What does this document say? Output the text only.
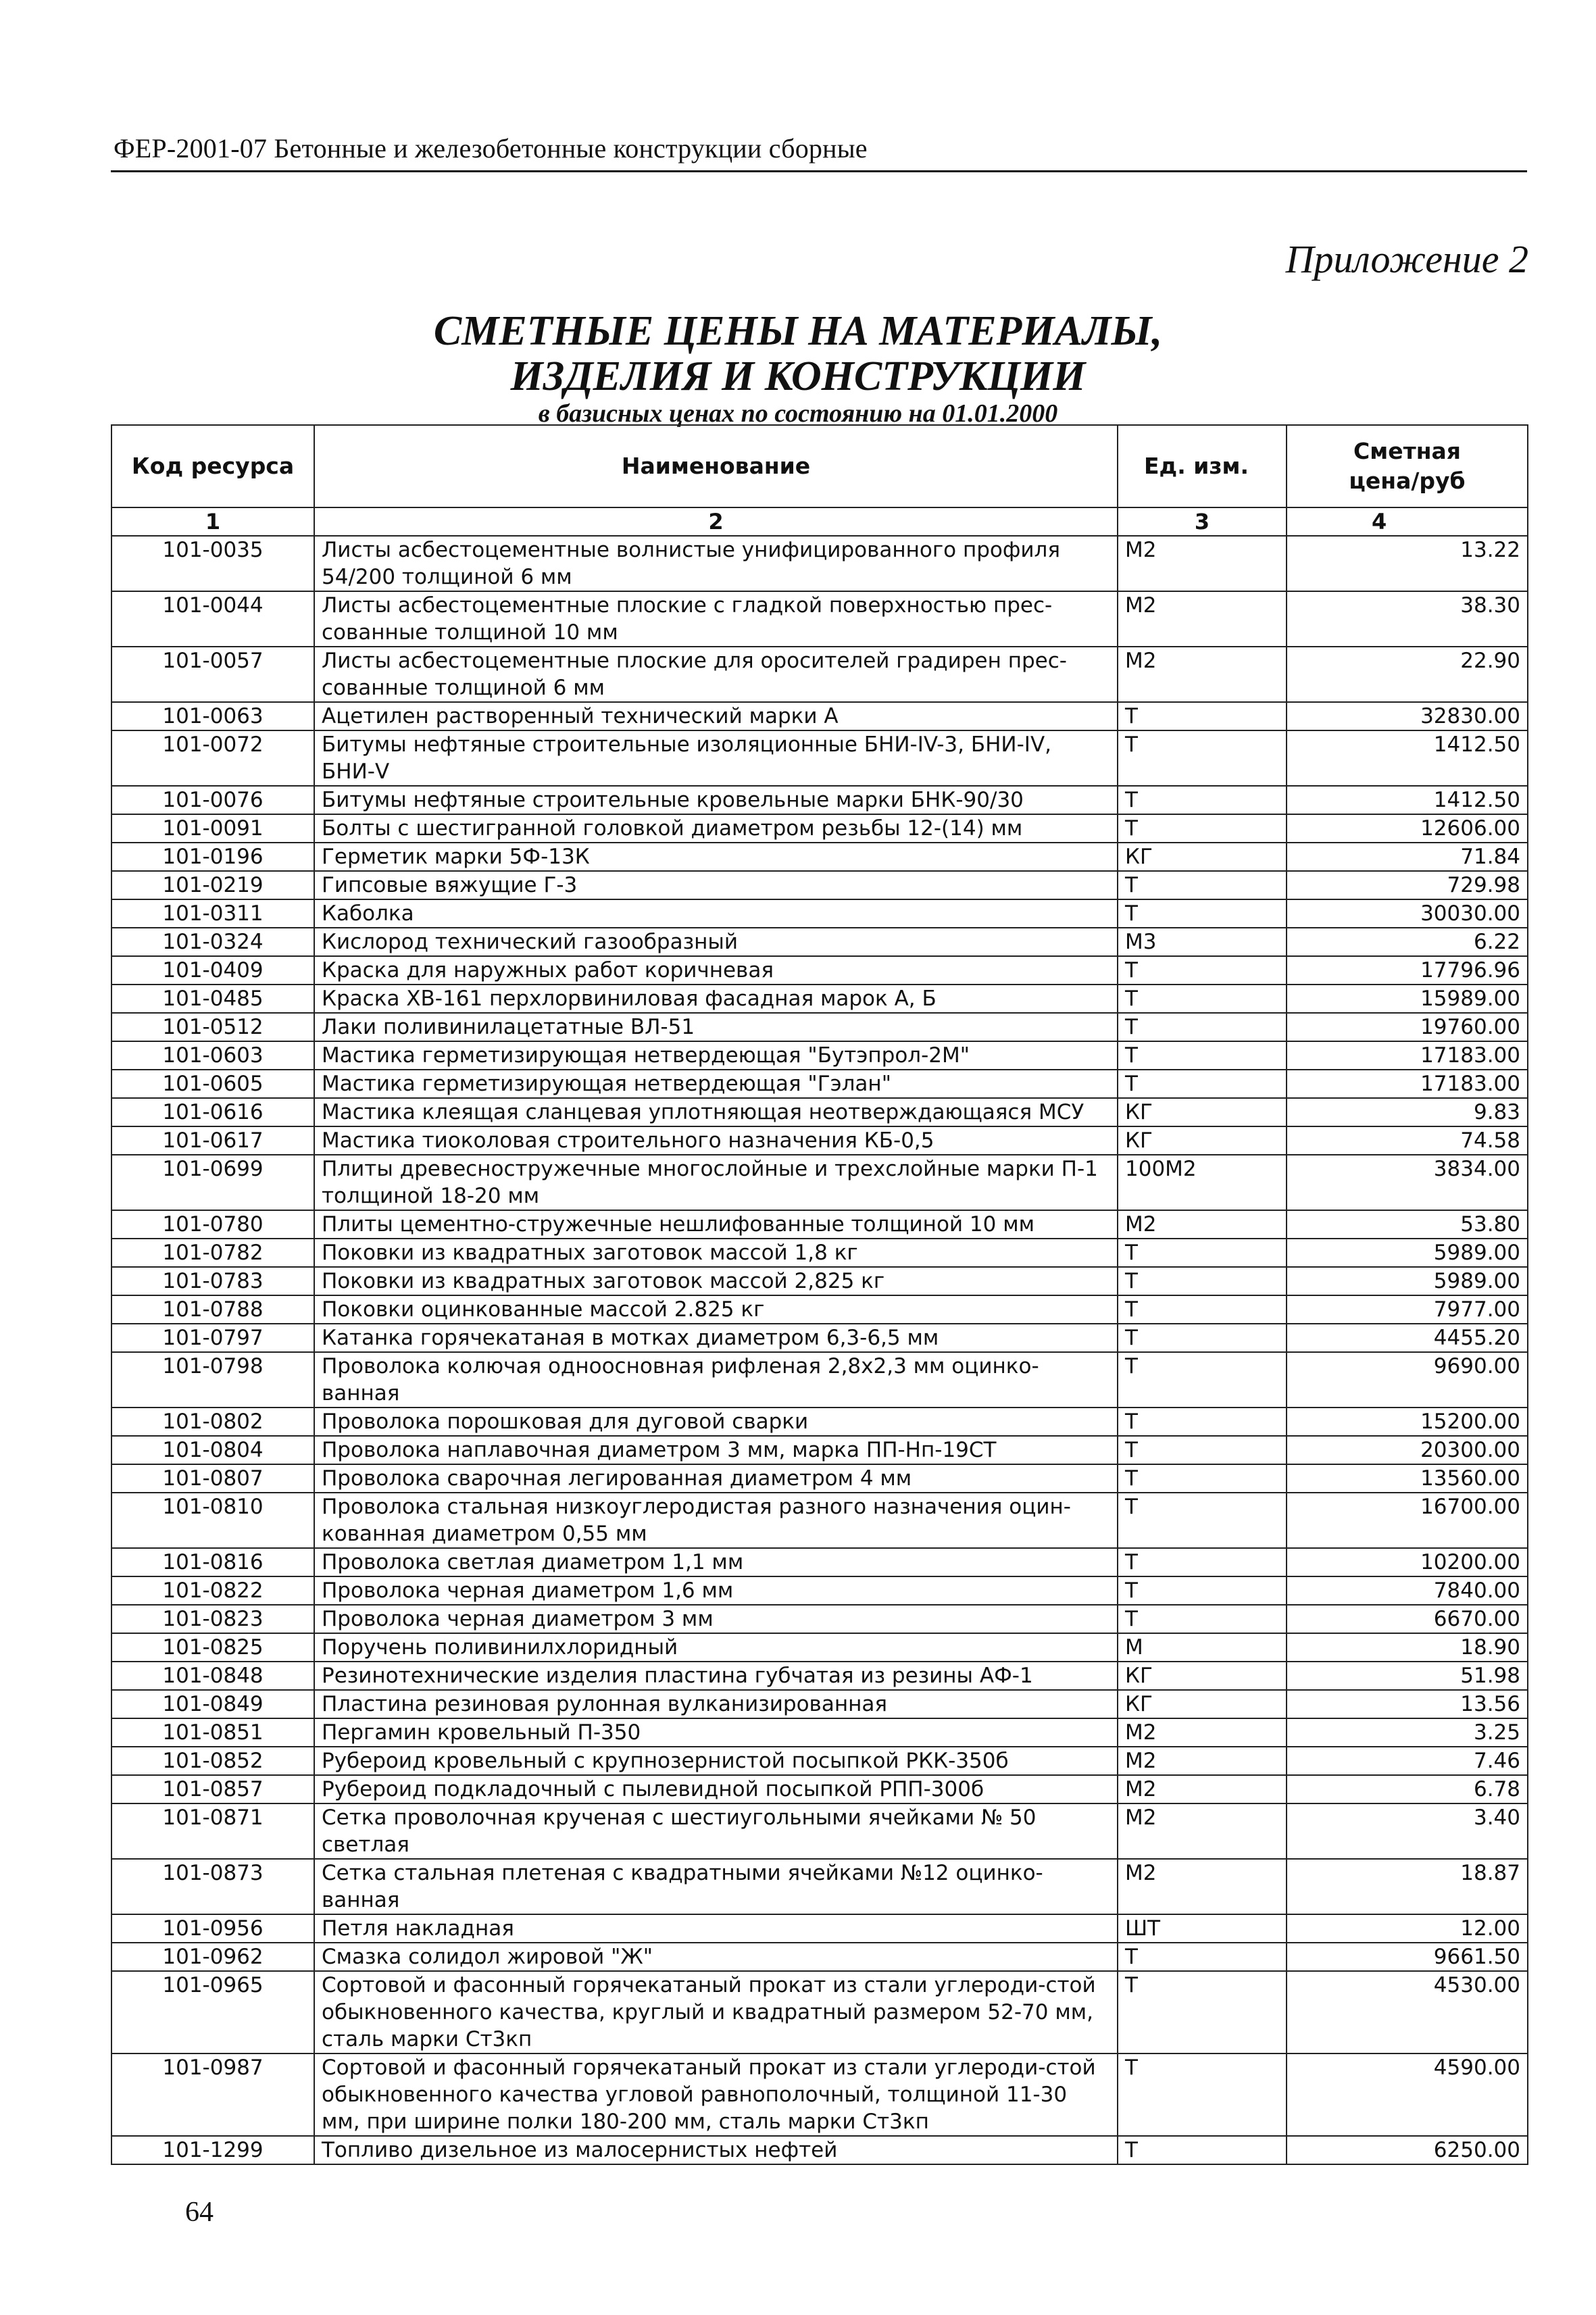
ФЕР-2001-07 Бетонные и железобетонные конструкции сборные
Приложение 2
СМЕТНЫЕ ЦЕНЫ НА МАТЕРИАЛЫ,
ИЗДЕЛИЯ И КОНСТРУКЦИИ
в базисных ценах по состоянию на 01.01.2000
Код ресурса	Наименование	Ед. изм.	Сметная цена/руб
1	2	3	4
101-0035	Листы асбестоцементные волнистые унифицированного профиля 54/200 толщиной 6 мм	М2	13.22
101-0044	Листы асбестоцементные плоские с гладкой поверхностью прес-сованные толщиной 10 мм	М2	38.30
101-0057	Листы асбестоцементные плоские для оросителей градирен прес-сованные толщиной 6 мм	М2	22.90
101-0063	Ацетилен растворенный технический марки А	Т	32830.00
101-0072	Битумы нефтяные строительные изоляционные БНИ-IV-3, БНИ-IV, БНИ-V	Т	1412.50
101-0076	Битумы нефтяные строительные кровельные марки БНК-90/30	Т	1412.50
101-0091	Болты с шестигранной головкой диаметром резьбы 12-(14) мм	Т	12606.00
101-0196	Герметик марки 5Ф-13К	КГ	71.84
101-0219	Гипсовые вяжущие Г-3	Т	729.98
101-0311	Каболка	Т	30030.00
101-0324	Кислород технический газообразный	М3	6.22
101-0409	Краска для наружных работ коричневая	Т	17796.96
101-0485	Краска ХВ-161 перхлорвиниловая фасадная марок А, Б	Т	15989.00
101-0512	Лаки поливинилацетатные ВЛ-51	Т	19760.00
101-0603	Мастика герметизирующая нетвердеющая "Бутэпрол-2М"	Т	17183.00
101-0605	Мастика герметизирующая нетвердеющая "Гэлан"	Т	17183.00
101-0616	Мастика клеящая сланцевая уплотняющая неотверждающаяся МСУ	КГ	9.83
101-0617	Мастика тиоколовая строительного назначения КБ-0,5	КГ	74.58
101-0699	Плиты древесностружечные многослойные и трехслойные марки П-1 толщиной 18-20 мм	100М2	3834.00
101-0780	Плиты цементно-стружечные нешлифованные толщиной 10 мм	М2	53.80
101-0782	Поковки из квадратных заготовок массой 1,8 кг	Т	5989.00
101-0783	Поковки из квадратных заготовок массой 2,825 кг	Т	5989.00
101-0788	Поковки оцинкованные массой 2.825 кг	Т	7977.00
101-0797	Катанка горячекатаная в мотках диаметром 6,3-6,5 мм	Т	4455.20
101-0798	Проволока колючая одноосновная рифленая 2,8х2,3 мм оцинко-ванная	Т	9690.00
101-0802	Проволока порошковая для дуговой сварки	Т	15200.00
101-0804	Проволока наплавочная диаметром 3 мм, марка ПП-Нп-19СТ	Т	20300.00
101-0807	Проволока сварочная легированная диаметром 4 мм	Т	13560.00
101-0810	Проволока стальная низкоуглеродистая разного назначения оцин-кованная диаметром 0,55 мм	Т	16700.00
101-0816	Проволока светлая диаметром 1,1 мм	Т	10200.00
101-0822	Проволока черная диаметром 1,6 мм	Т	7840.00
101-0823	Проволока черная диаметром 3 мм	Т	6670.00
101-0825	Поручень поливинилхлоридный	М	18.90
101-0848	Резинотехнические изделия пластина губчатая из резины АФ-1	КГ	51.98
101-0849	Пластина резиновая рулонная вулканизированная	КГ	13.56
101-0851	Пергамин кровельный П-350	М2	3.25
101-0852	Рубероид кровельный с крупнозернистой посыпкой РКК-350б	М2	7.46
101-0857	Рубероид подкладочный с пылевидной посыпкой РПП-300б	М2	6.78
101-0871	Сетка проволочная крученая с шестиугольными ячейками № 50 светлая	М2	3.40
101-0873	Сетка стальная плетеная с квадратными ячейками №12 оцинко-ванная	М2	18.87
101-0956	Петля накладная	ШТ	12.00
101-0962	Смазка солидол жировой "Ж"	Т	9661.50
101-0965	Сортовой и фасонный горячекатаный прокат из стали углероди-стой обыкновенного качества, круглый и квадратный размером 52-70 мм, сталь марки Ст3кп	Т	4530.00
101-0987	Сортовой и фасонный горячекатаный прокат из стали углероди-стой обыкновенного качества угловой равнополочный, толщиной 11-30 мм, при ширине полки 180-200 мм, сталь марки Ст3кп	Т	4590.00
101-1299	Топливо дизельное из малосернистых нефтей	Т	6250.00
64
